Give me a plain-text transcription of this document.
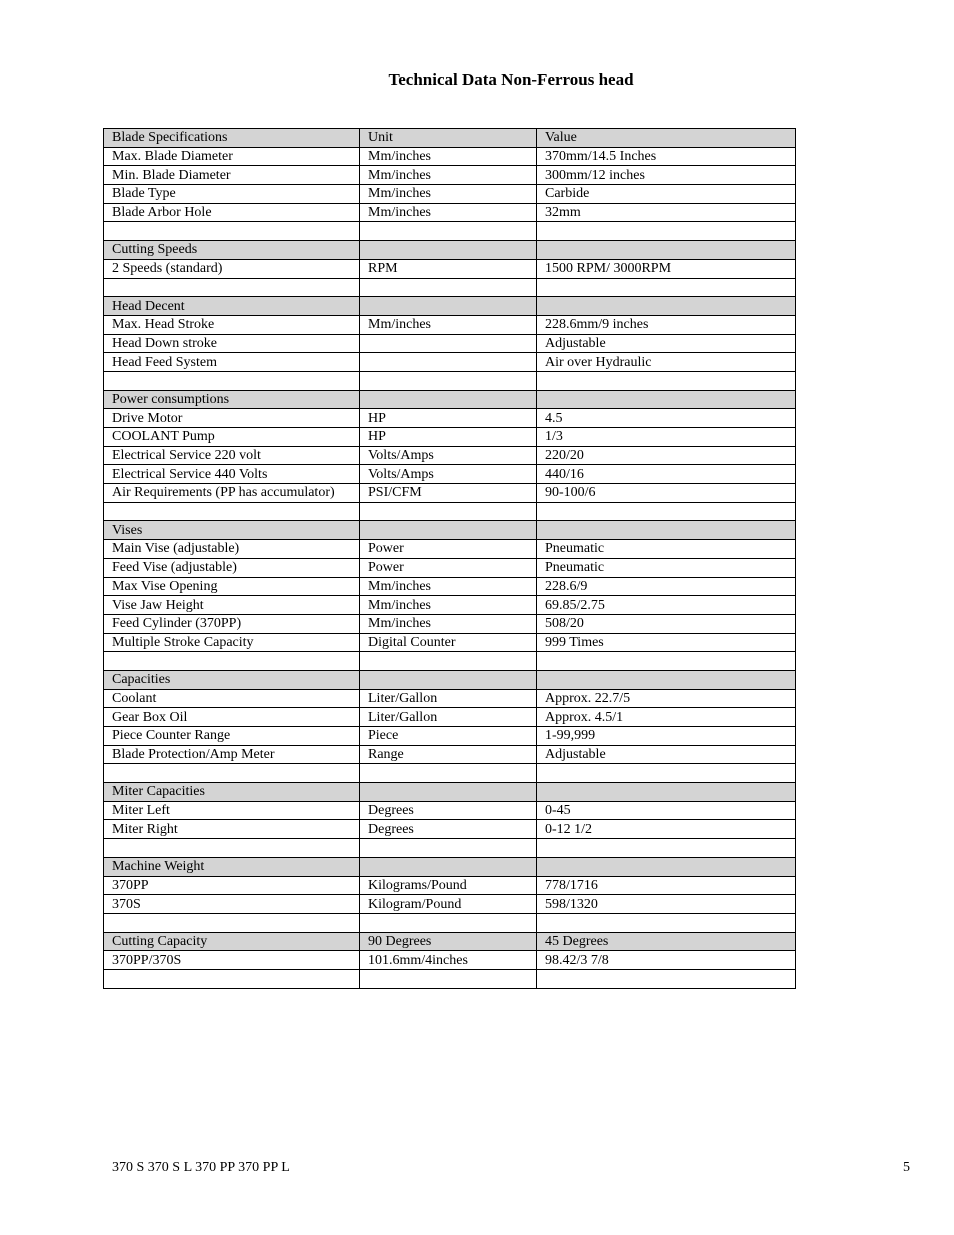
Technical Data Non-Ferrous head
Blade Specifications	Unit	Value
Max. Blade Diameter	Mm/inches	370mm/14.5 Inches
Min. Blade Diameter	Mm/inches	300mm/12 inches
Blade Type	Mm/inches	Carbide
Blade Arbor Hole	Mm/inches	32mm

Cutting Speeds		
2 Speeds (standard)	RPM	1500 RPM/ 3000RPM

Head Decent		
Max. Head Stroke	Mm/inches	228.6mm/9 inches
Head Down stroke		Adjustable
Head Feed System		Air over Hydraulic

Power consumptions		
Drive Motor	HP	4.5
COOLANT Pump	HP	1/3
Electrical Service 220 volt	Volts/Amps	220/20
Electrical Service 440 Volts	Volts/Amps	440/16
Air Requirements (PP has accumulator)	PSI/CFM	90-100/6

Vises		
Main Vise (adjustable)	Power	Pneumatic
Feed Vise (adjustable)	Power	Pneumatic
Max Vise Opening	Mm/inches	228.6/9
Vise Jaw Height	Mm/inches	69.85/2.75
Feed Cylinder (370PP)	Mm/inches	508/20
Multiple Stroke Capacity	Digital Counter	999 Times

Capacities		
Coolant	Liter/Gallon	Approx. 22.7/5
Gear Box Oil	Liter/Gallon	Approx. 4.5/1
Piece Counter Range	Piece	1-99,999
Blade Protection/Amp Meter	Range	Adjustable

Miter Capacities		
Miter Left	Degrees	0-45
Miter Right	Degrees	0-12 1/2

Machine Weight		
370PP	Kilograms/Pound	778/1716
370S	Kilogram/Pound	598/1320

Cutting Capacity	90 Degrees	45 Degrees
370PP/370S	101.6mm/4inches	98.42/3 7/8

370 S 370 S L 370 PP 370 PP L	5
